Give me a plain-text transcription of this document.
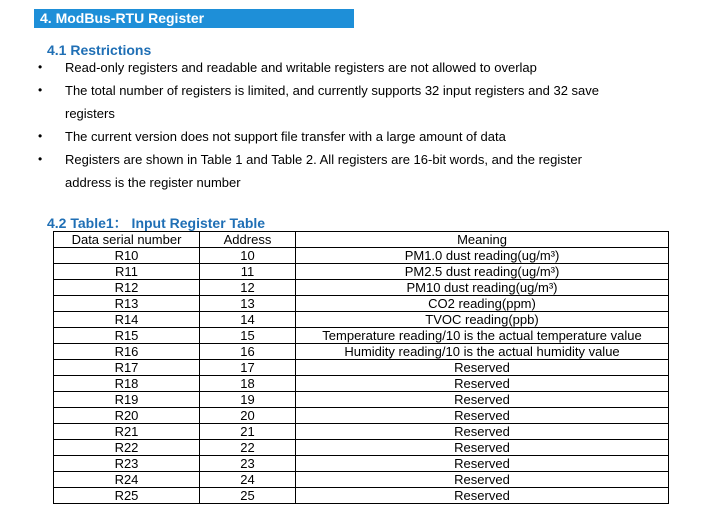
4. ModBus-RTU Register
4.1 Restrictions
• Read-only registers and readable and writable registers are not allowed to overlap
• The total number of registers is limited, and currently supports 32 input registers and 32 save registers
• The current version does not support file transfer with a large amount of data
• Registers are shown in Table 1 and Table 2. All registers are 16-bit words, and the register address is the register number
4.2 Table1： Input Register Table
Data serial number	Address	Meaning
R10	10	PM1.0 dust reading(ug/m³)
R11	11	PM2.5 dust reading(ug/m³)
R12	12	PM10 dust reading(ug/m³)
R13	13	CO2 reading(ppm)
R14	14	TVOC reading(ppb)
R15	15	Temperature reading/10 is the actual temperature value
R16	16	Humidity reading/10 is the actual humidity value
R17	17	Reserved
R18	18	Reserved
R19	19	Reserved
R20	20	Reserved
R21	21	Reserved
R22	22	Reserved
R23	23	Reserved
R24	24	Reserved
R25	25	Reserved
